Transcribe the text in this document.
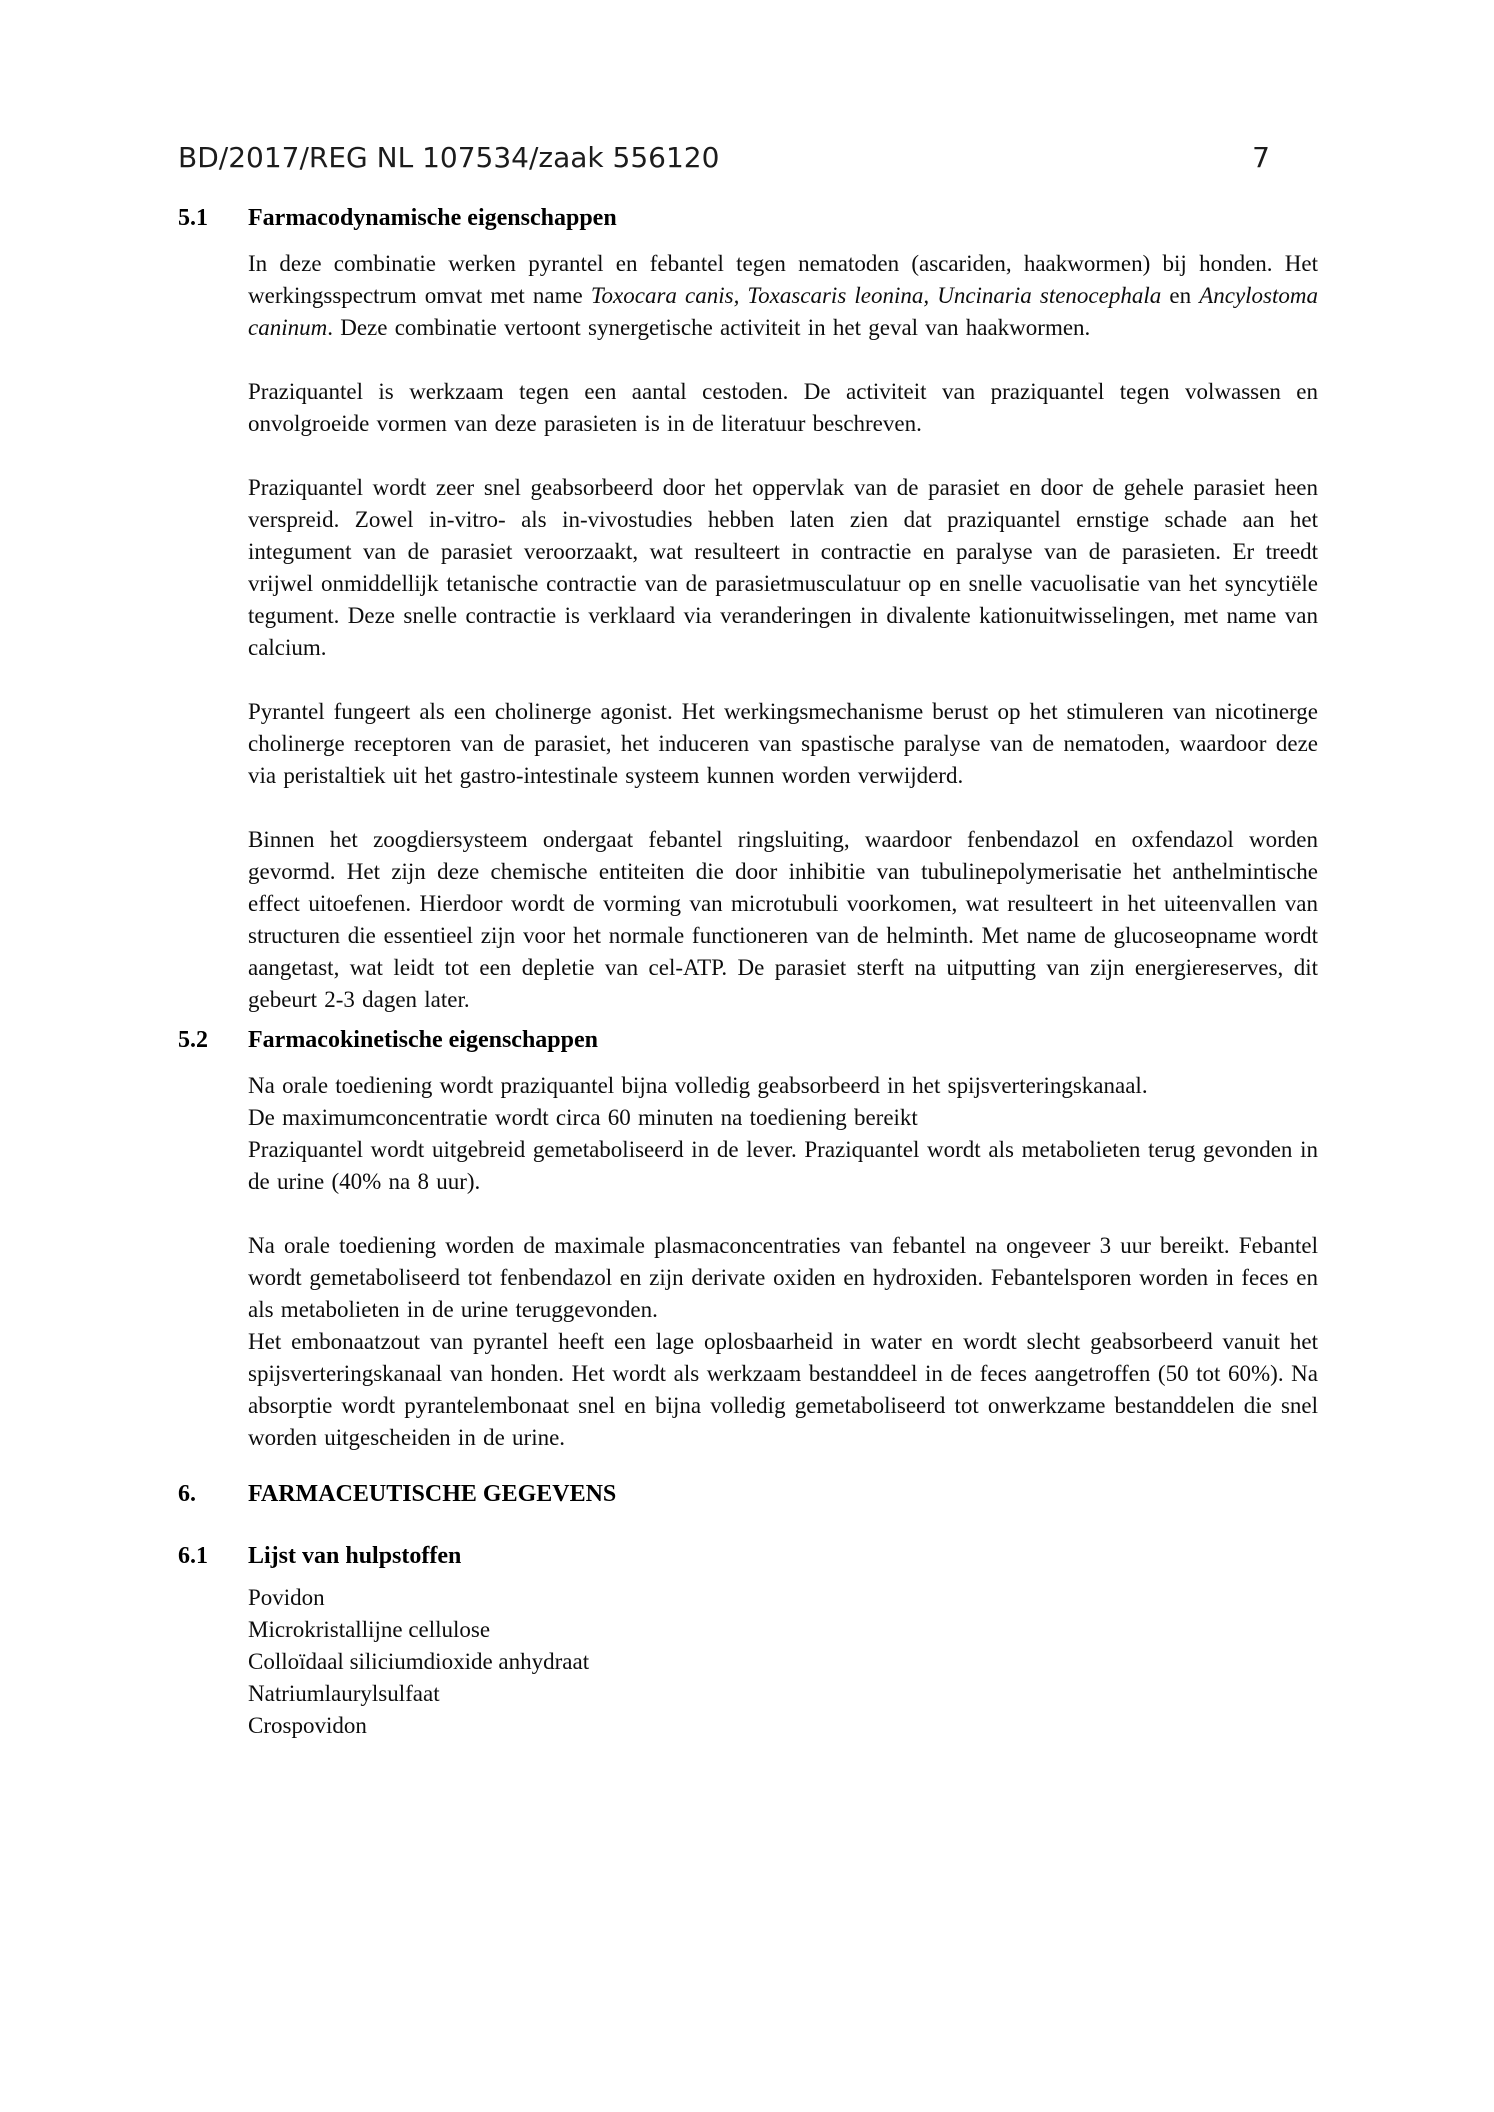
BD/2017/REG NL 107534/zaak 556120	7
5.1	Farmacodynamische eigenschappen

In deze combinatie werken pyrantel en febantel tegen nematoden (ascariden, haakwormen) bij honden. Het werkingsspectrum omvat met name Toxocara canis, Toxascaris leonina, Uncinaria stenocephala en Ancylostoma caninum. Deze combinatie vertoont synergetische activiteit in het geval van haakwormen.

Praziquantel is werkzaam tegen een aantal cestoden. De activiteit van praziquantel tegen volwassen en onvolgroeide vormen van deze parasieten is in de literatuur beschreven.

Praziquantel wordt zeer snel geabsorbeerd door het oppervlak van de parasiet en door de gehele parasiet heen verspreid. Zowel in-vitro- als in-vivostudies hebben laten zien dat praziquantel ernstige schade aan het integument van de parasiet veroorzaakt, wat resulteert in contractie en paralyse van de parasieten. Er treedt vrijwel onmiddellijk tetanische contractie van de parasietmusculatuur op en snelle vacuolisatie van het syncytiële tegument. Deze snelle contractie is verklaard via veranderingen in divalente kationuitwisselingen, met name van calcium.

Pyrantel fungeert als een cholinerge agonist. Het werkingsmechanisme berust op het stimuleren van nicotinerge cholinerge receptoren van de parasiet, het induceren van spastische paralyse van de nematoden, waardoor deze via peristaltiek uit het gastro-intestinale systeem kunnen worden verwijderd.

Binnen het zoogdiersysteem ondergaat febantel ringsluiting, waardoor fenbendazol en oxfendazol worden gevormd. Het zijn deze chemische entiteiten die door inhibitie van tubulinepolymerisatie het anthelmintische effect uitoefenen. Hierdoor wordt de vorming van microtubuli voorkomen, wat resulteert in het uiteenvallen van structuren die essentieel zijn voor het normale functioneren van de helminth. Met name de glucoseopname wordt aangetast, wat leidt tot een depletie van cel-ATP. De parasiet sterft na uitputting van zijn energiereserves, dit gebeurt 2-3 dagen later.

5.2	Farmacokinetische eigenschappen

Na orale toediening wordt praziquantel bijna volledig geabsorbeerd in het spijsverteringskanaal.
De maximumconcentratie wordt circa 60 minuten na toediening bereikt
Praziquantel wordt uitgebreid gemetaboliseerd in de lever. Praziquantel wordt als metabolieten terug gevonden in de urine (40% na 8 uur).

Na orale toediening worden de maximale plasmaconcentraties van febantel na ongeveer 3 uur bereikt. Febantel wordt gemetaboliseerd tot fenbendazol en zijn derivate oxiden en hydroxiden. Febantelsporen worden in feces en als metabolieten in de urine teruggevonden.
Het embonaatzout van pyrantel heeft een lage oplosbaarheid in water en wordt slecht geabsorbeerd vanuit het spijsverteringskanaal van honden. Het wordt als werkzaam bestanddeel in de feces aangetroffen (50 tot 60%). Na absorptie wordt pyrantelembonaat snel en bijna volledig gemetaboliseerd tot onwerkzame bestanddelen die snel worden uitgescheiden in de urine.

6.	FARMACEUTISCHE GEGEVENS
6.1	Lijst van hulpstoffen
Povidon
Microkristallijne cellulose
Colloïdaal siliciumdioxide anhydraat
Natriumlaurylsulfaat
Crospovidon
